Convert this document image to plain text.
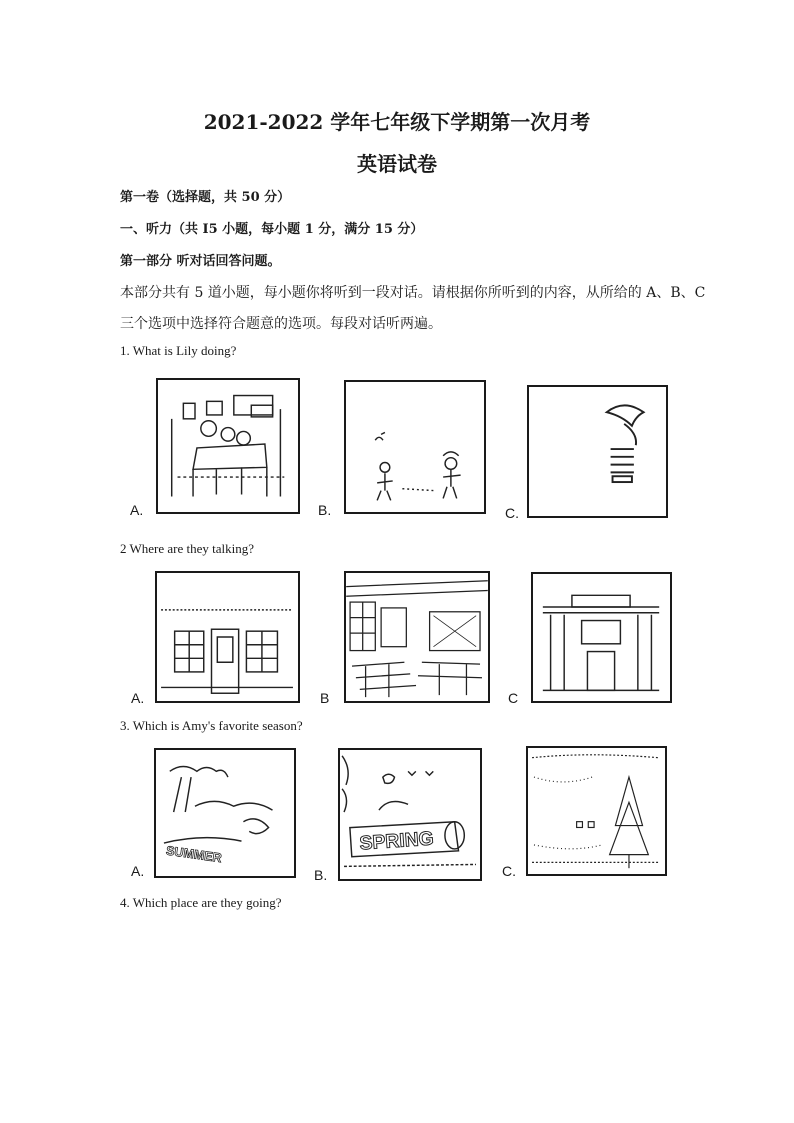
2021-2022 学年七年级下学期第一次月考
英语试卷
第一卷（选择题，共 50 分）
一、听力（共 I5 小题，每小题 1 分，满分 15 分）
第一部分 听对话回答问题。
本部分共有 5 道小题，每小题你将听到一段对话。请根据你所听到的内容，从所给的 A、B、C
三个选项中选择符合题意的选项。每段对话听两遍。
1. What is Lily doing?
A.	B.	C.
2 Where are they talking?
A.	B	C
3. Which is Amy's favorite season?
SUMMER
A.
SPRING
B.	C.
4. Which place are they going?
